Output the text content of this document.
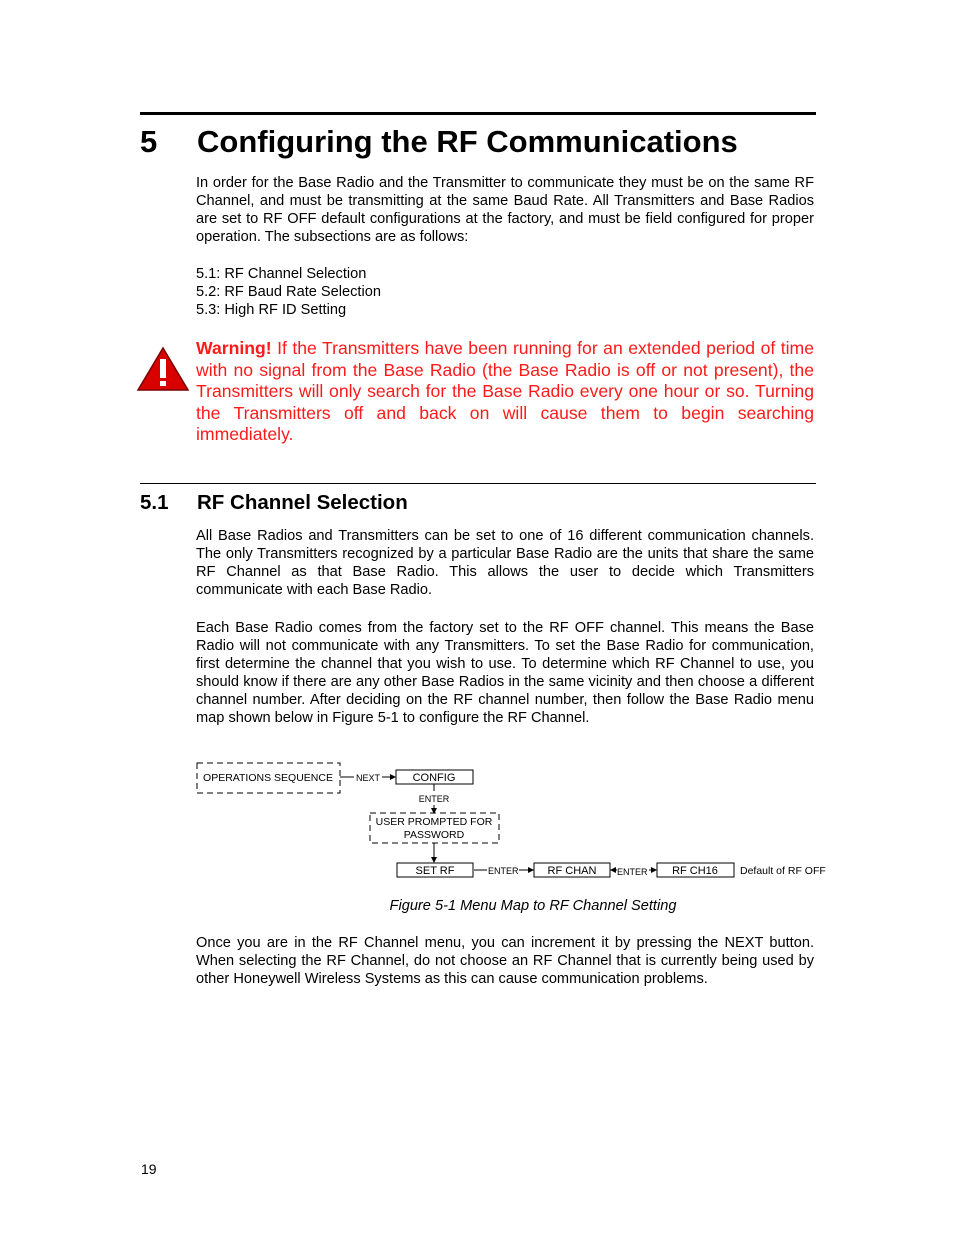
5 Configuring the RF Communications
In order for the Base Radio and the Transmitter to communicate they must be on the same RF Channel, and must be transmitting at the same Baud Rate. All Transmitters and Base Radios are set to RF OFF default configurations at the factory, and must be field configured for proper operation. The subsections are as follows:
5.1: RF Channel Selection
5.2: RF Baud Rate Selection
5.3: High RF ID Setting
Warning! If the Transmitters have been running for an extended period of time with no signal from the Base Radio (the Base Radio is off or not present), the Transmitters will only search for the Base Radio every one hour or so. Turning the Transmitters off and back on will cause them to begin searching immediately.
5.1 RF Channel Selection
All Base Radios and Transmitters can be set to one of 16 different communication channels. The only Transmitters recognized by a particular Base Radio are the units that share the same RF Channel as that Base Radio. This allows the user to decide which Transmitters communicate with each Base Radio.
Each Base Radio comes from the factory set to the RF OFF channel. This means the Base Radio will not communicate with any Transmitters. To set the Base Radio for communication, first determine the channel that you wish to use. To determine which RF Channel to use, you should know if there are any other Base Radios in the same vicinity and then choose a different channel number. After deciding on the RF channel number, then follow the Base Radio menu map shown below in Figure 5-1 to configure the RF Channel.
OPERATIONS SEQUENCE	NEXT	CONFIG
ENTER
USER PROMPTED FOR
PASSWORD
SET RF	ENTER	RF CHAN ENTER RF CH16 Default of RF OFF
Figure 5-1 Menu Map to RF Channel Setting
Once you are in the RF Channel menu, you can increment it by pressing the NEXT button. When selecting the RF Channel, do not choose an RF Channel that is currently being used by other Honeywell Wireless Systems as this can cause communication problems.
19
